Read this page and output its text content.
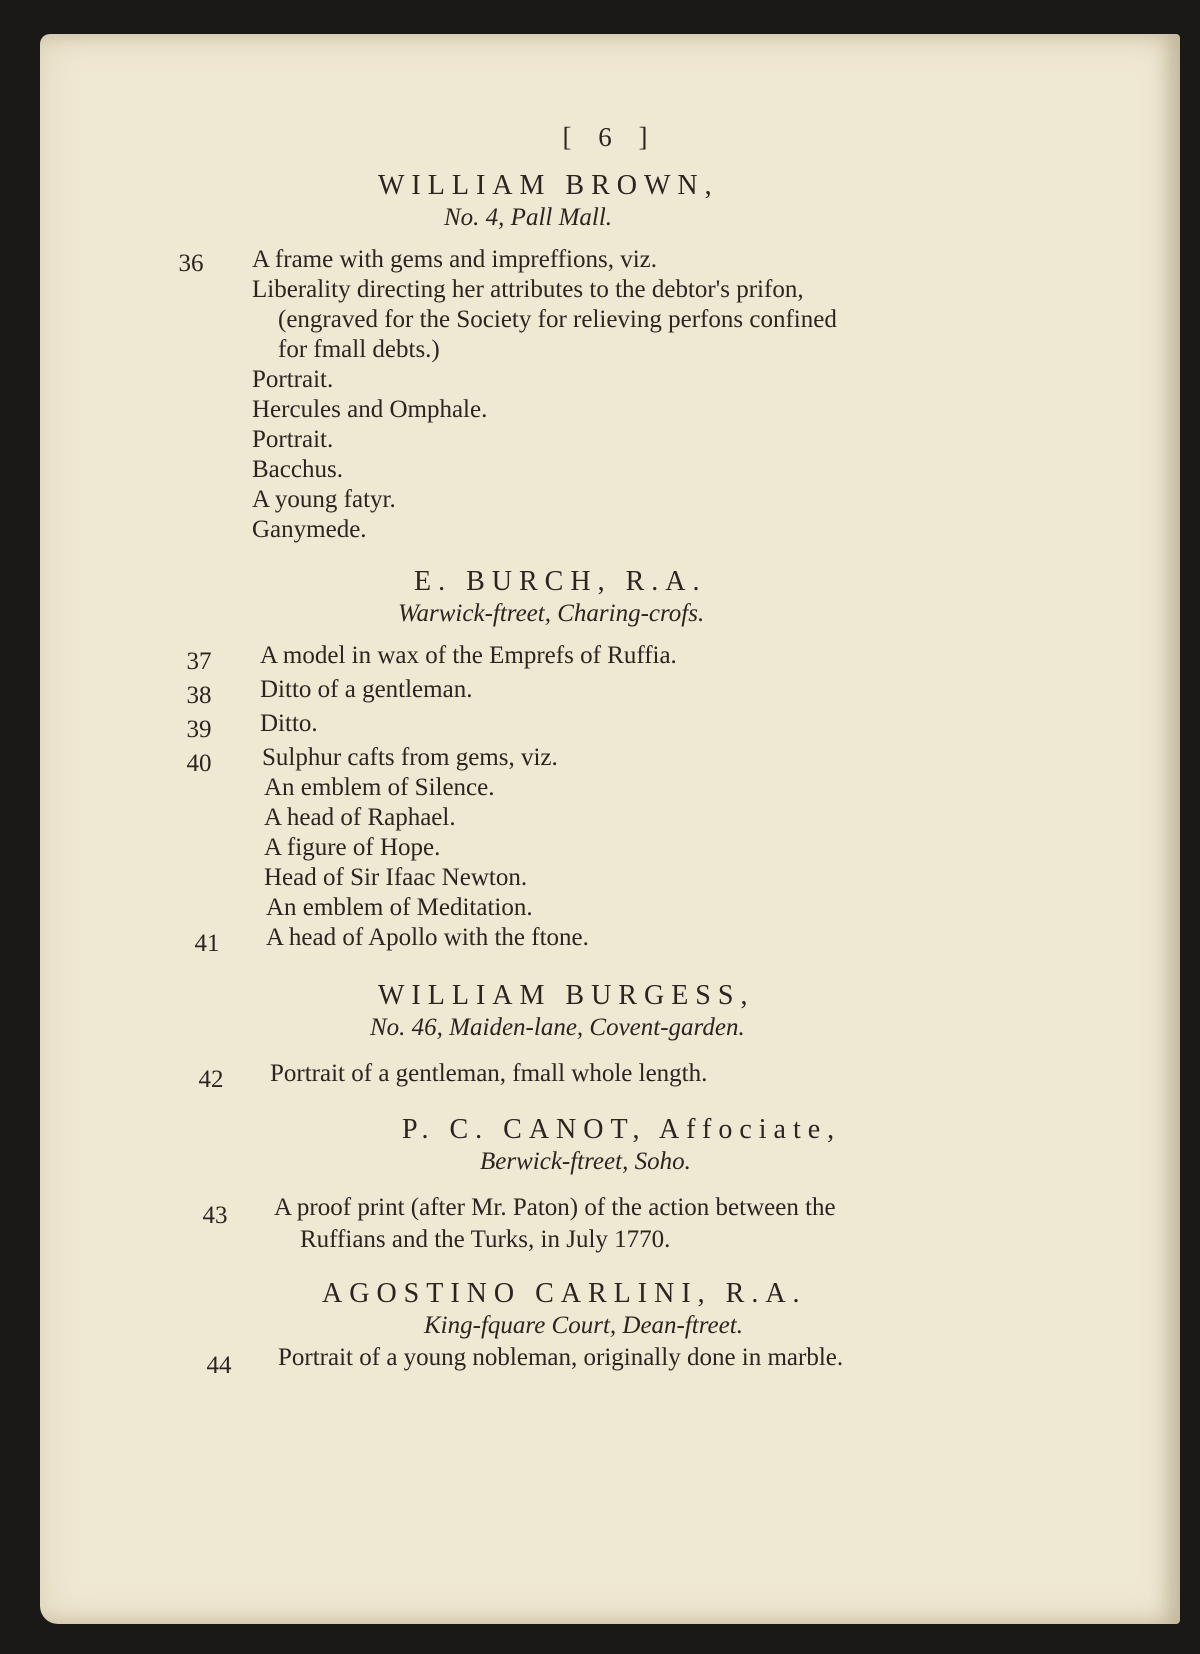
[ 6 ]
WILLIAM BROWN,
No. 4, Pall Mall.
36	A frame with gems and impreffions, viz.
Liberality directing her attributes to the debtor's prifon,
(engraved for the Society for relieving perfons confined
for fmall debts.)
Portrait.
Hercules and Omphale.
Portrait.
Bacchus.
A young fatyr.
Ganymede.
E. BURCH, R.A.
Warwick-ftreet, Charing-crofs.
37	A model in wax of the Emprefs of Ruffia.
38	Ditto of a gentleman.
39	Ditto.
40	Sulphur cafts from gems, viz.
An emblem of Silence.
A head of Raphael.
A figure of Hope.
Head of Sir Ifaac Newton.
An emblem of Meditation.
41	A head of Apollo with the ftone.
WILLIAM BURGESS,
No. 46, Maiden-lane, Covent-garden.
42	Portrait of a gentleman, fmall whole length.
P. C. CANOT, Affociate,
Berwick-ftreet, Soho.
43	A proof print (after Mr. Paton) of the action between the
Ruffians and the Turks, in July 1770.
AGOSTINO CARLINI, R.A.
King-fquare Court, Dean-ftreet.
44	Portrait of a young nobleman, originally done in marble.
